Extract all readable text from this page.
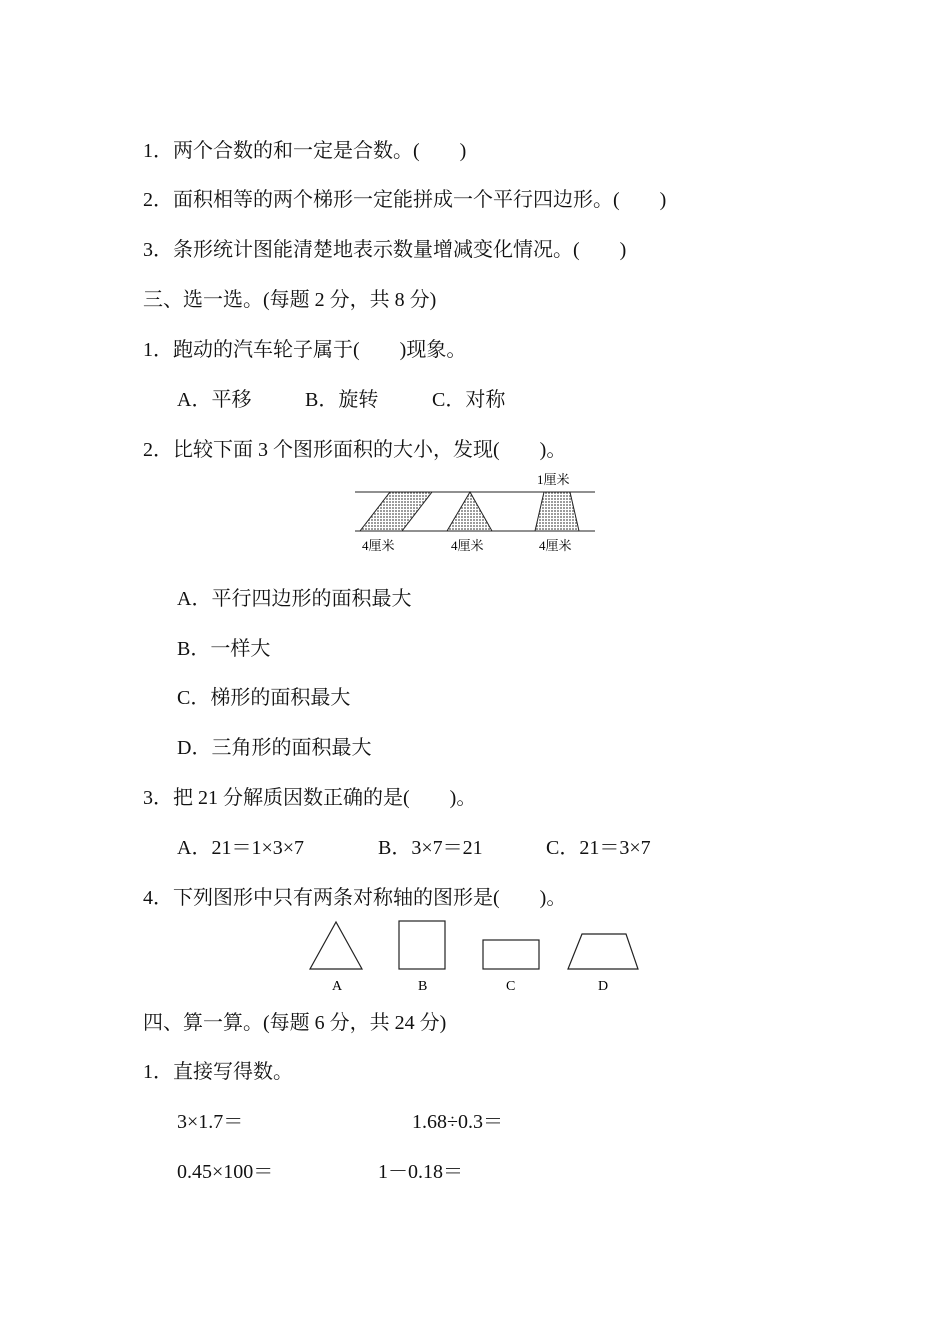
1．两个合数的和一定是合数。(　　)
2．面积相等的两个梯形一定能拼成一个平行四边形。(　　)
3．条形统计图能清楚地表示数量增减变化情况。(　　)
三、选一选。(每题 2 分，共 8 分)
1．跑动的汽车轮子属于(　　)现象。
A．平移	B．旋转	C．对称
2．比较下面 3 个图形面积的大小，发现(　　)。
1厘米
4厘米	4厘米	4厘米
A．平行四边形的面积最大
B．一样大
C．梯形的面积最大
D．三角形的面积最大
3．把 21 分解质因数正确的是(　　)。
A．21＝1×3×7	B．3×7＝21	C．21＝3×7
4．下列图形中只有两条对称轴的图形是(　　)。
A	B	C	D
四、算一算。(每题 6 分，共 24 分)
1．直接写得数。
3×1.7＝	1.68÷0.3＝
0.45×100＝	1－0.18＝
